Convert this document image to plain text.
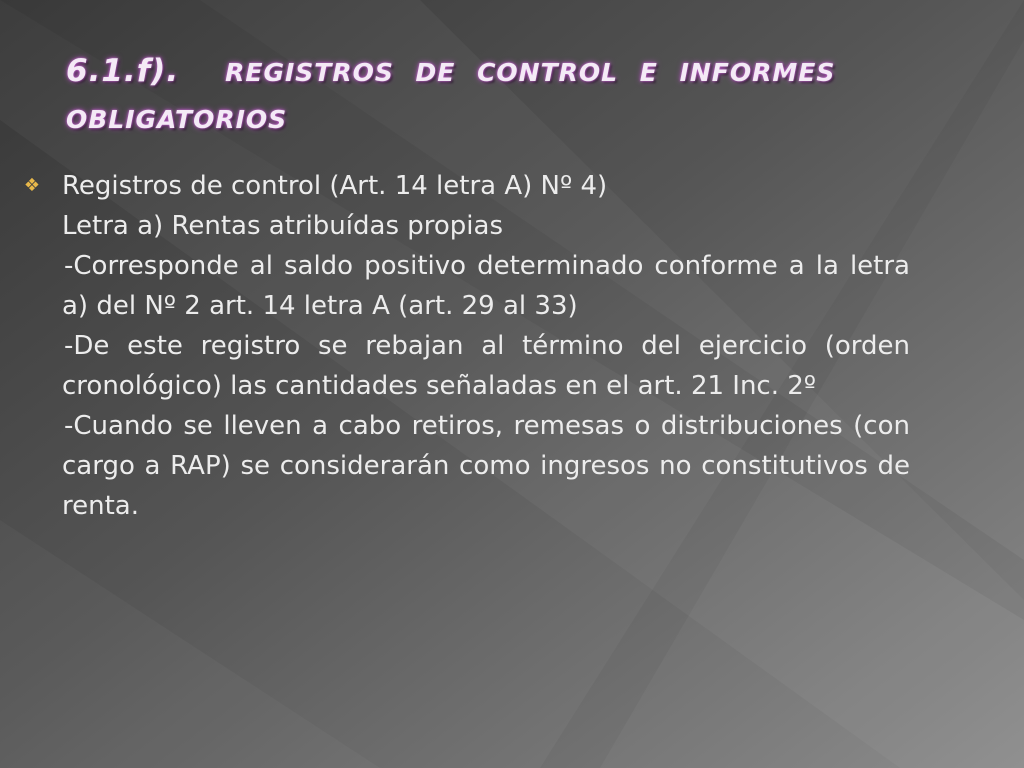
6.1.f). REGISTROS DE CONTROL E INFORMES OBLIGATORIOS
❖ Registros de control (Art. 14 letra A) Nº 4)

Letra a) Rentas atribuídas propias

-Corresponde al saldo positivo determinado conforme a la letra a) del Nº 2 art. 14 letra A (art. 29 al 33)

-De este registro se rebajan al término del ejercicio (orden cronológico) las cantidades señaladas en el art. 21 Inc. 2º

-Cuando se lleven a cabo retiros, remesas o distribuciones (con cargo a RAP) se considerarán como ingresos no constitutivos de renta.
